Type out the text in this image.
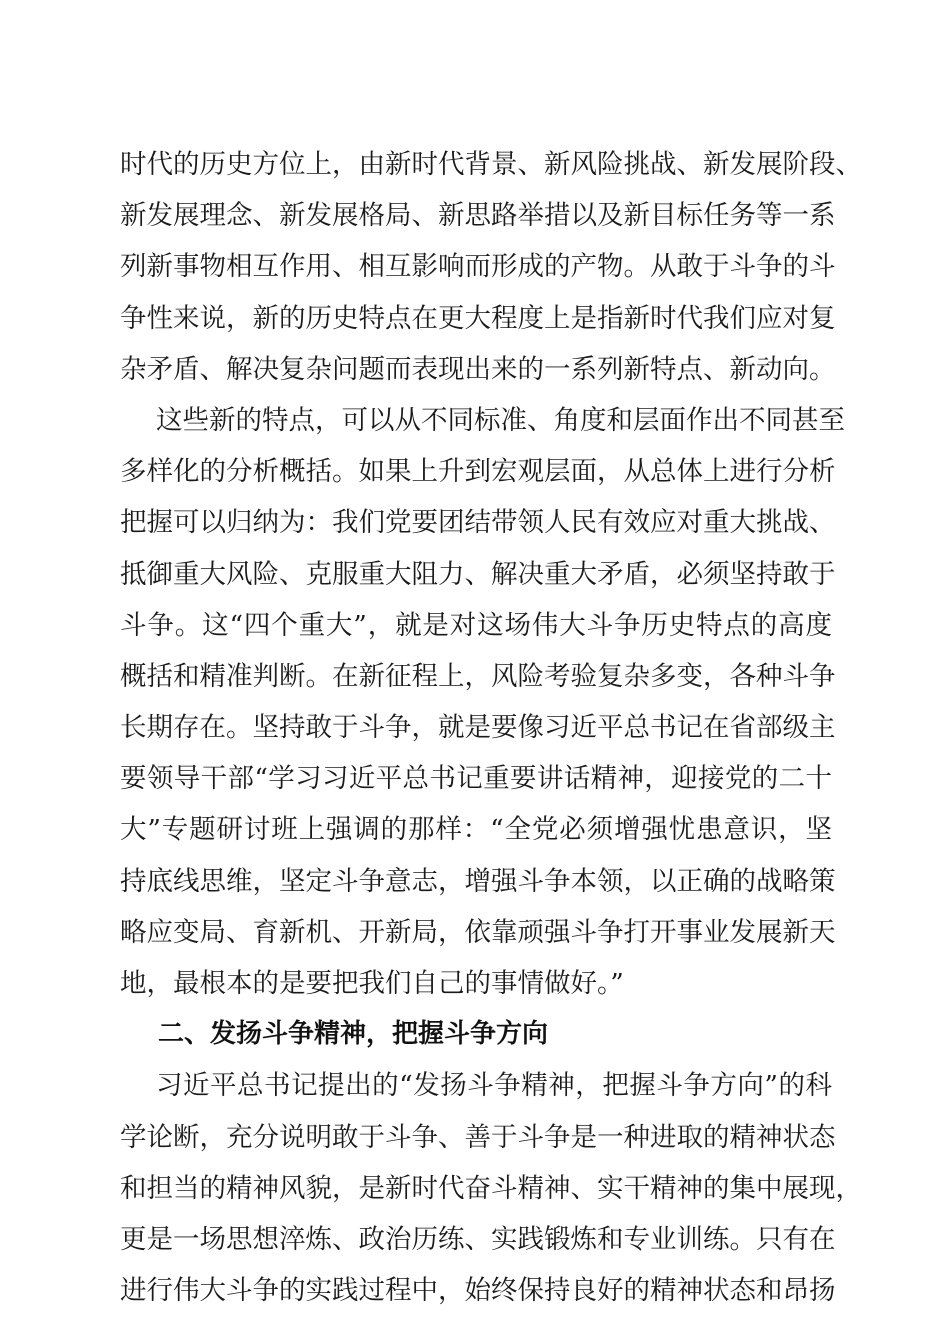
时代的历史方位上，由新时代背景、新风险挑战、新发展阶段、
新发展理念、新发展格局、新思路举措以及新目标任务等一系
列新事物相互作用、相互影响而形成的产物。从敢于斗争的斗
争性来说，新的历史特点在更大程度上是指新时代我们应对复
杂矛盾、解决复杂问题而表现出来的一系列新特点、新动向。
这些新的特点，可以从不同标准、角度和层面作出不同甚至
多样化的分析概括。如果上升到宏观层面，从总体上进行分析
把握可以归纳为：我们党要团结带领人民有效应对重大挑战、
抵御重大风险、克服重大阻力、解决重大矛盾，必须坚持敢于
斗争。这“四个重大”，就是对这场伟大斗争历史特点的高度
概括和精准判断。在新征程上，风险考验复杂多变，各种斗争
长期存在。坚持敢于斗争，就是要像习近平总书记在省部级主
要领导干部“学习习近平总书记重要讲话精神，迎接党的二十
大”专题研讨班上强调的那样：“全党必须增强忧患意识，坚
持底线思维，坚定斗争意志，增强斗争本领，以正确的战略策
略应变局、育新机、开新局，依靠顽强斗争打开事业发展新天
地，最根本的是要把我们自己的事情做好。”
二、发扬斗争精神，把握斗争方向
习近平总书记提出的“发扬斗争精神，把握斗争方向”的科
学论断，充分说明敢于斗争、善于斗争是一种进取的精神状态
和担当的精神风貌，是新时代奋斗精神、实干精神的集中展现，
更是一场思想淬炼、政治历练、实践锻炼和专业训练。只有在
进行伟大斗争的实践过程中，始终保持良好的精神状态和昂扬
